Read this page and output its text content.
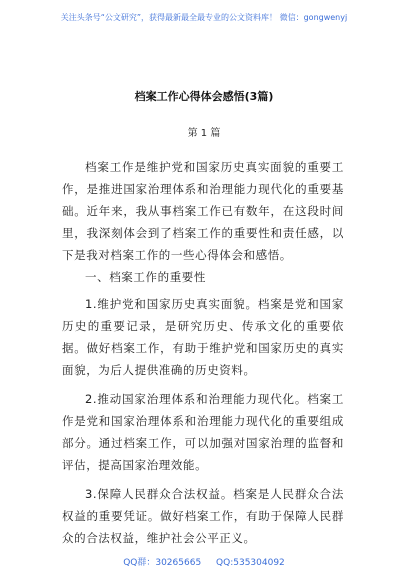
关注头条号“公文研究”，获得最新最全最专业的公文资料库！ 微信：gongwenyj
档案工作心得体会感悟(3篇)
第 1 篇

档案工作是维护党和国家历史真实面貌的重要工作，是推进国家治理体系和治理能力现代化的重要基础。近年来，我从事档案工作已有数年，在这段时间里，我深刻体会到了档案工作的重要性和责任感，以下是我对档案工作的一些心得体会和感悟。

一、档案工作的重要性

1.维护党和国家历史真实面貌。档案是党和国家历史的重要记录，是研究历史、传承文化的重要依据。做好档案工作，有助于维护党和国家历史的真实面貌，为后人提供准确的历史资料。

2.推动国家治理体系和治理能力现代化。档案工作是党和国家治理体系和治理能力现代化的重要组成部分。通过档案工作，可以加强对国家治理的监督和评估，提高国家治理效能。

3.保障人民群众合法权益。档案是人民群众合法权益的重要凭证。做好档案工作，有助于保障人民群众的合法权益，维护社会公平正义。

QQ群：30265665 QQ:535304092
